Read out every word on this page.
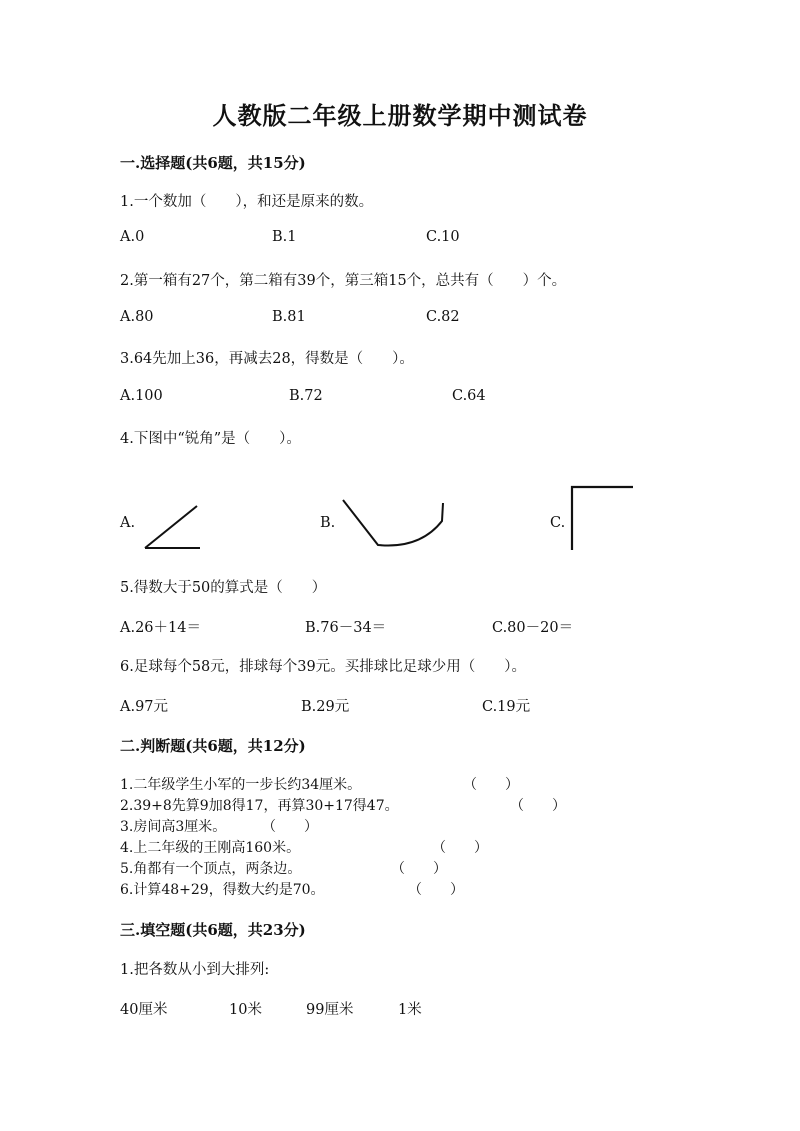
人教版二年级上册数学期中测试卷
一.选择题(共6题，共15分)
1.一个数加（　　），和还是原来的数。
A.0	B.1	C.10
2.第一箱有27个，第二箱有39个，第三箱15个，总共有（　　）个。
A.80	B.81	C.82
3.64先加上36，再减去28，得数是（　　）。
A.100	B.72	C.64
4.下图中“锐角”是（　　）。
A.	B.	C.
5.得数大于50的算式是（　　）
A.26＋14＝	B.76－34＝	C.80－20＝
6.足球每个58元，排球每个39元。买排球比足球少用（　　）。
A.97元	B.29元	C.19元
二.判断题(共6题，共12分)
1.二年级学生小军的一步长约34厘米。	（　　）
2.39+8先算9加8得17，再算30+17得47。	（　　）
3.房间高3厘米。	（　　）
4.上二年级的王刚高160米。	（　　）
5.角都有一个顶点，两条边。	（　　）
6.计算48+29，得数大约是70。	（　　）
三.填空题(共6题，共23分)
1.把各数从小到大排列:
40厘米	10米	99厘米	1米
